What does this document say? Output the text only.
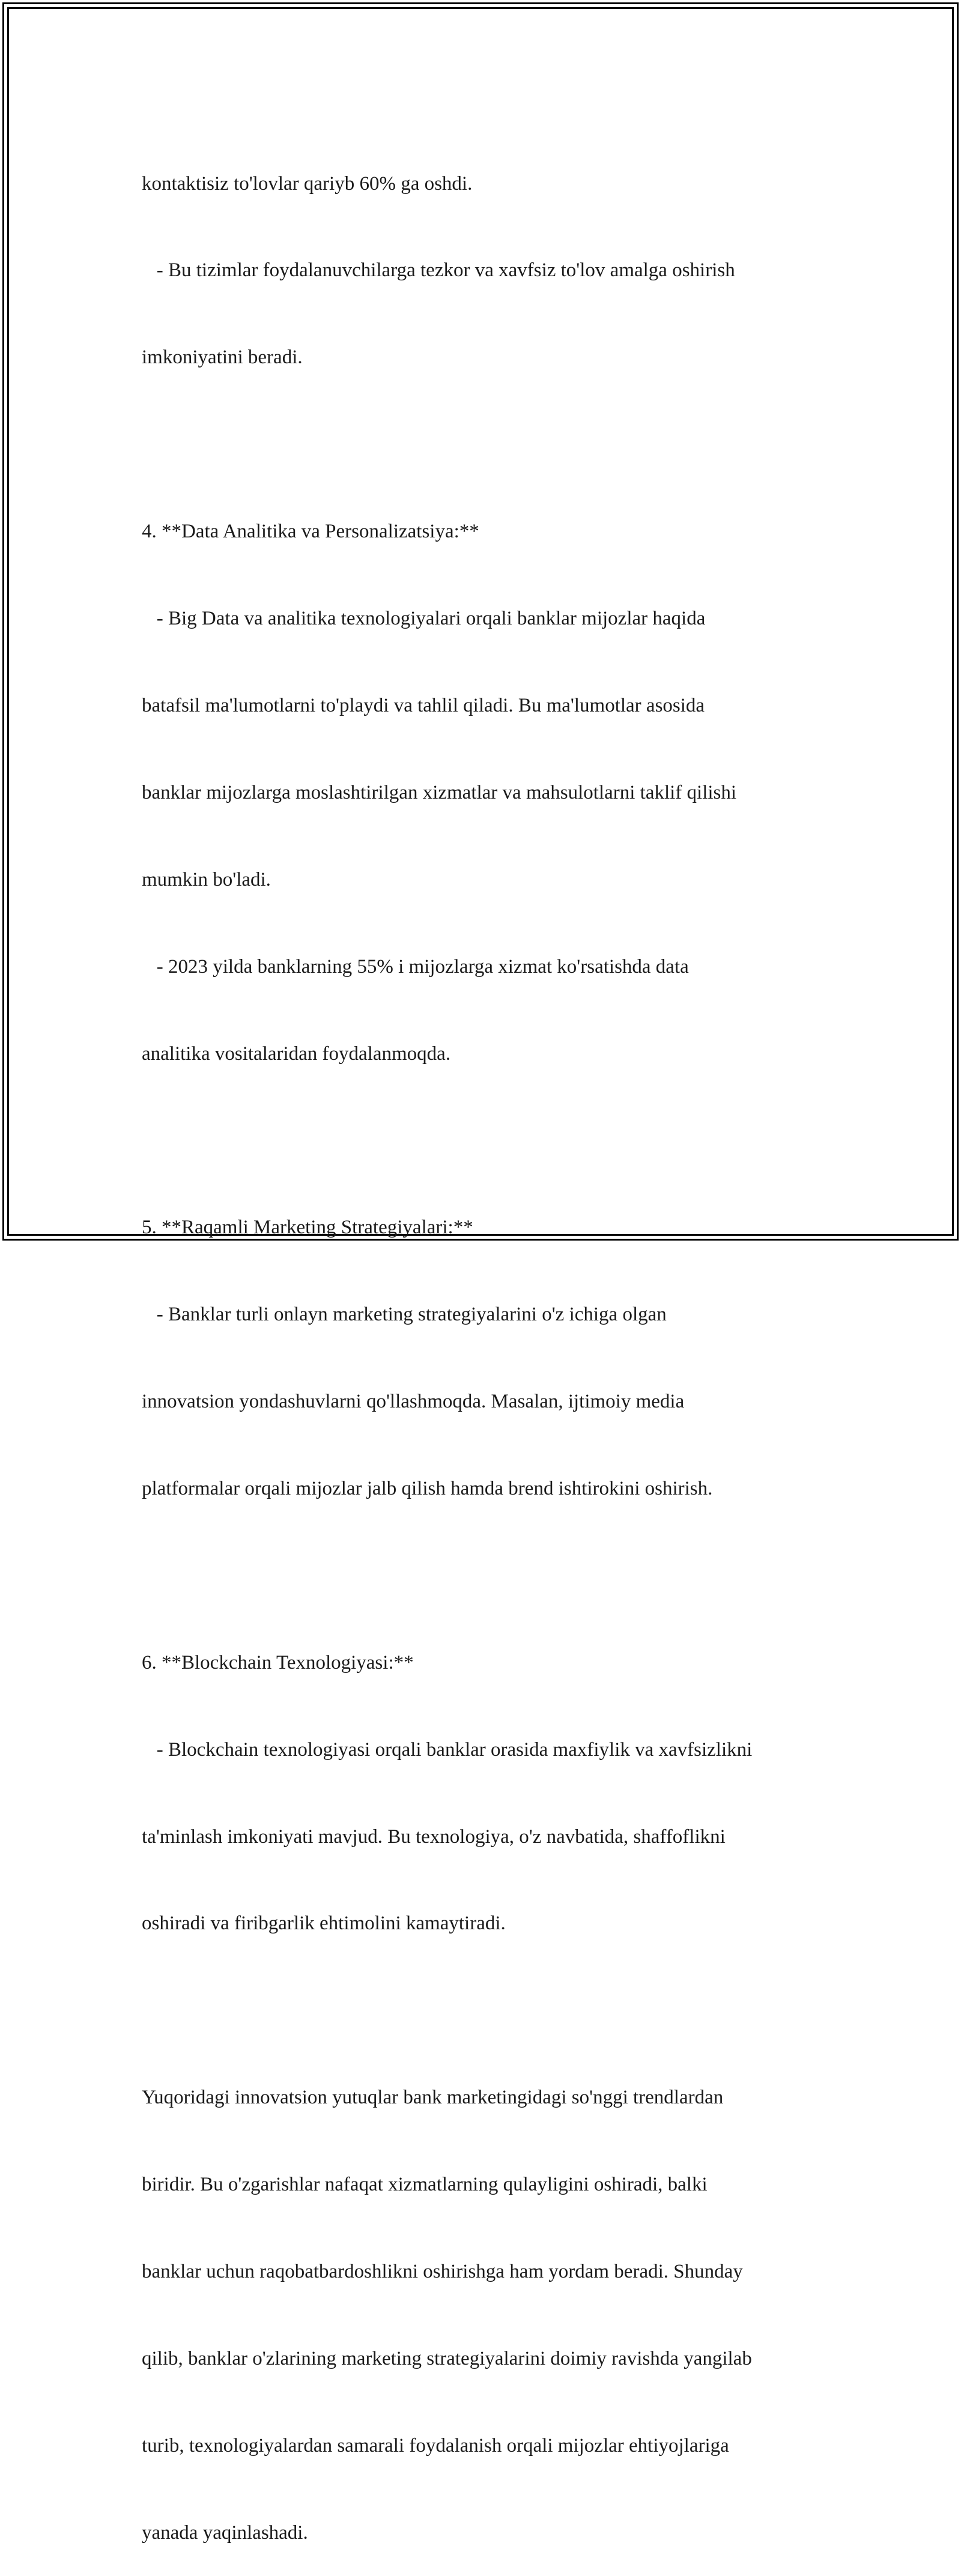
kontaktisiz to'lovlar qariyb 60% ga oshdi.

- Bu tizimlar foydalanuvchilarga tezkor va xavfsiz to'lov amalga oshirish

imkoniyatini beradi.

4. **Data Analitika va Personalizatsiya:**

- Big Data va analitika texnologiyalari orqali banklar mijozlar haqida

batafsil ma'lumotlarni to'playdi va tahlil qiladi. Bu ma'lumotlar asosida

banklar mijozlarga moslashtirilgan xizmatlar va mahsulotlarni taklif qilishi

mumkin bo'ladi.

- 2023 yilda banklarning 55% i mijozlarga xizmat ko'rsatishda data

analitika vositalaridan foydalanmoqda.

5. **Raqamli Marketing Strategiyalari:**

- Banklar turli onlayn marketing strategiyalarini o'z ichiga olgan

innovatsion yondashuvlarni qo'llashmoqda. Masalan, ijtimoiy media

platformalar orqali mijozlar jalb qilish hamda brend ishtirokini oshirish.

6. **Blockchain Texnologiyasi:**

- Blockchain texnologiyasi orqali banklar orasida maxfiylik va xavfsizlikni

ta'minlash imkoniyati mavjud. Bu texnologiya, o'z navbatida, shaffoflikni

oshiradi va firibgarlik ehtimolini kamaytiradi.

Yuqoridagi innovatsion yutuqlar bank marketingidagi so'nggi trendlardan

biridir. Bu o'zgarishlar nafaqat xizmatlarning qulayligini oshiradi, balki

banklar uchun raqobatbardoshlikni oshirishga ham yordam beradi. Shunday

qilib, banklar o'zlarining marketing strategiyalarini doimiy ravishda yangilab

turib, texnologiyalardan samarali foydalanish orqali mijozlar ehtiyojlariga

yanada yaqinlashadi.
